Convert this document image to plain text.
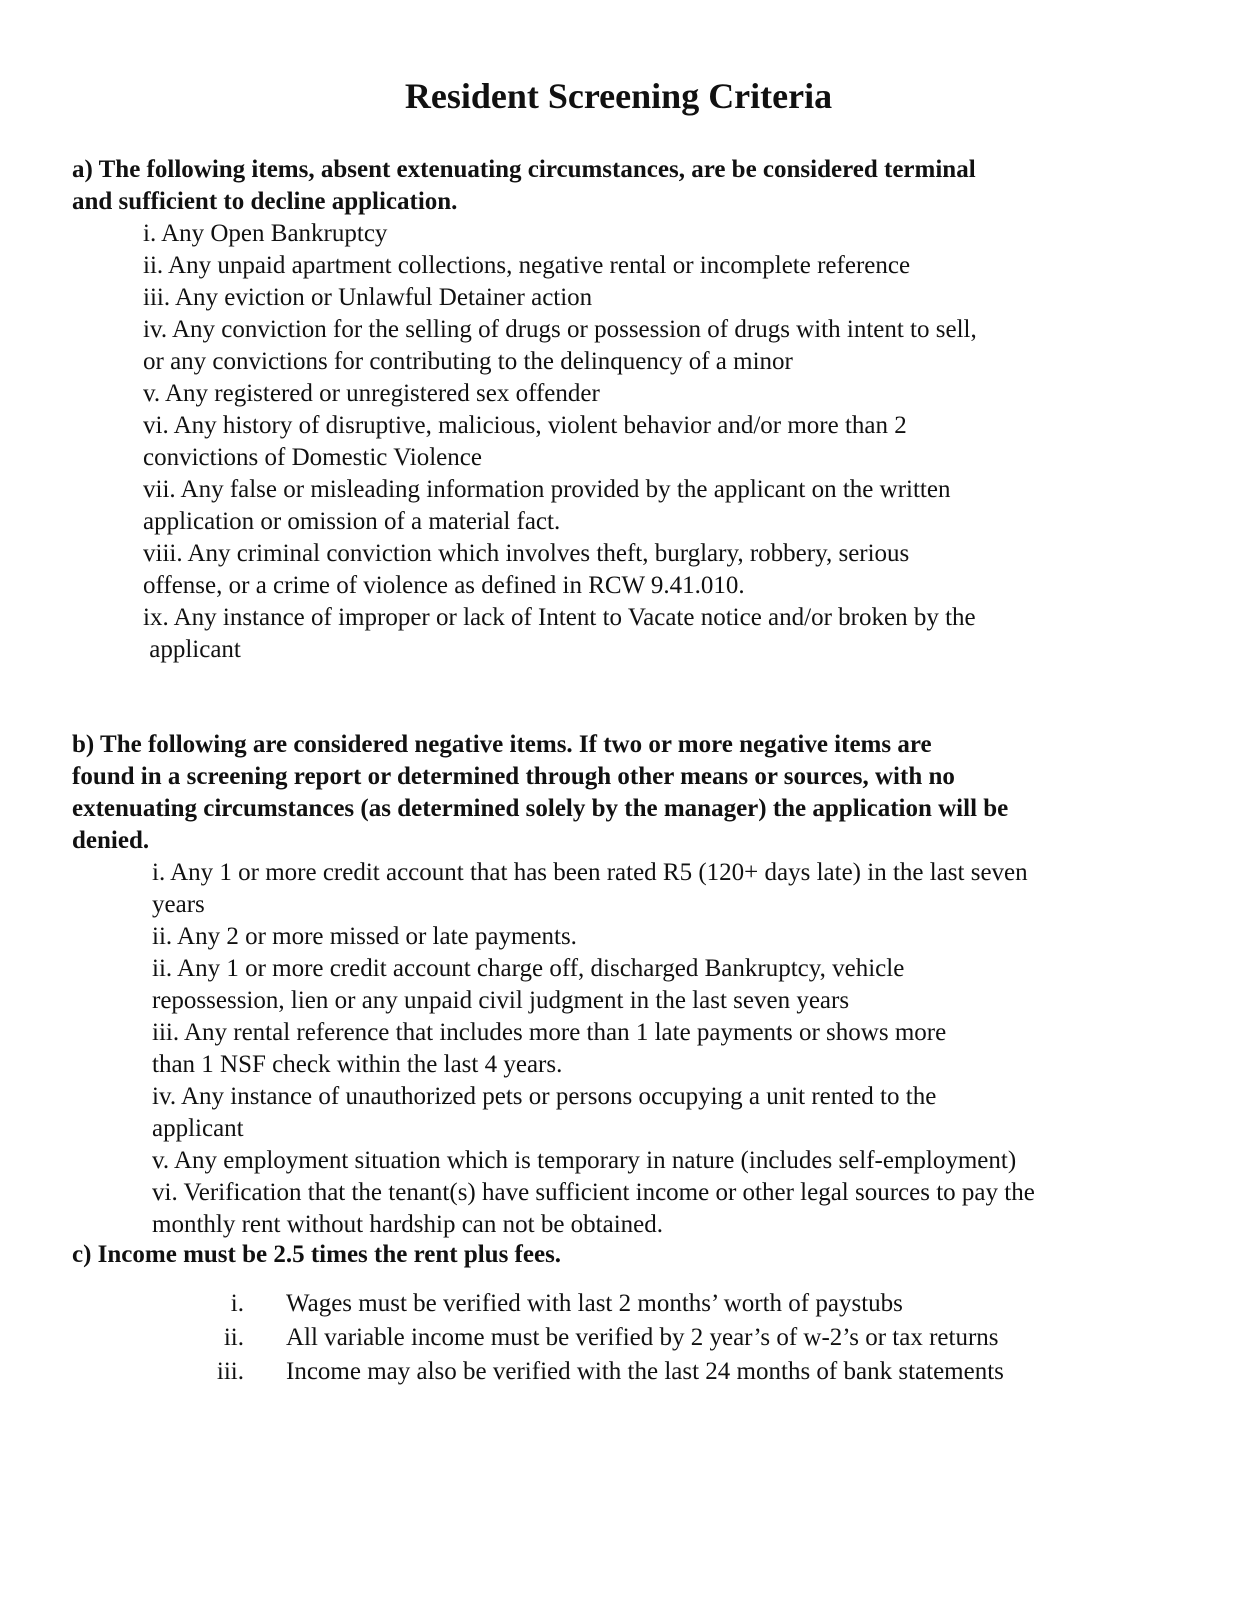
Resident Screening Criteria
a) The following items, absent extenuating circumstances, are be considered terminal
and sufficient to decline application.
i. Any Open Bankruptcy
ii. Any unpaid apartment collections, negative rental or incomplete reference
iii. Any eviction or Unlawful Detainer action
iv. Any conviction for the selling of drugs or possession of drugs with intent to sell,
or any convictions for contributing to the delinquency of a minor
v. Any registered or unregistered sex offender
vi. Any history of disruptive, malicious, violent behavior and/or more than 2
convictions of Domestic Violence
vii. Any false or misleading information provided by the applicant on the written
application or omission of a material fact.
viii. Any criminal conviction which involves theft, burglary, robbery, serious
offense, or a crime of violence as defined in RCW 9.41.010.
ix. Any instance of improper or lack of Intent to Vacate notice and/or broken by the
applicant
b) The following are considered negative items. If two or more negative items are
found in a screening report or determined through other means or sources, with no
extenuating circumstances (as determined solely by the manager) the application will be
denied.
i. Any 1 or more credit account that has been rated R5 (120+ days late) in the last seven
years
ii. Any 2 or more missed or late payments.
ii. Any 1 or more credit account charge off, discharged Bankruptcy, vehicle
repossession, lien or any unpaid civil judgment in the last seven years
iii. Any rental reference that includes more than 1 late payments or shows more
than 1 NSF check within the last 4 years.
iv. Any instance of unauthorized pets or persons occupying a unit rented to the
applicant
v. Any employment situation which is temporary in nature (includes self-employment)
vi. Verification that the tenant(s) have sufficient income or other legal sources to pay the
monthly rent without hardship can not be obtained.
c) Income must be 2.5 times the rent plus fees.
i. Wages must be verified with last 2 months’ worth of paystubs
ii. All variable income must be verified by 2 year’s of w-2’s or tax returns
iii. Income may also be verified with the last 24 months of bank statements
